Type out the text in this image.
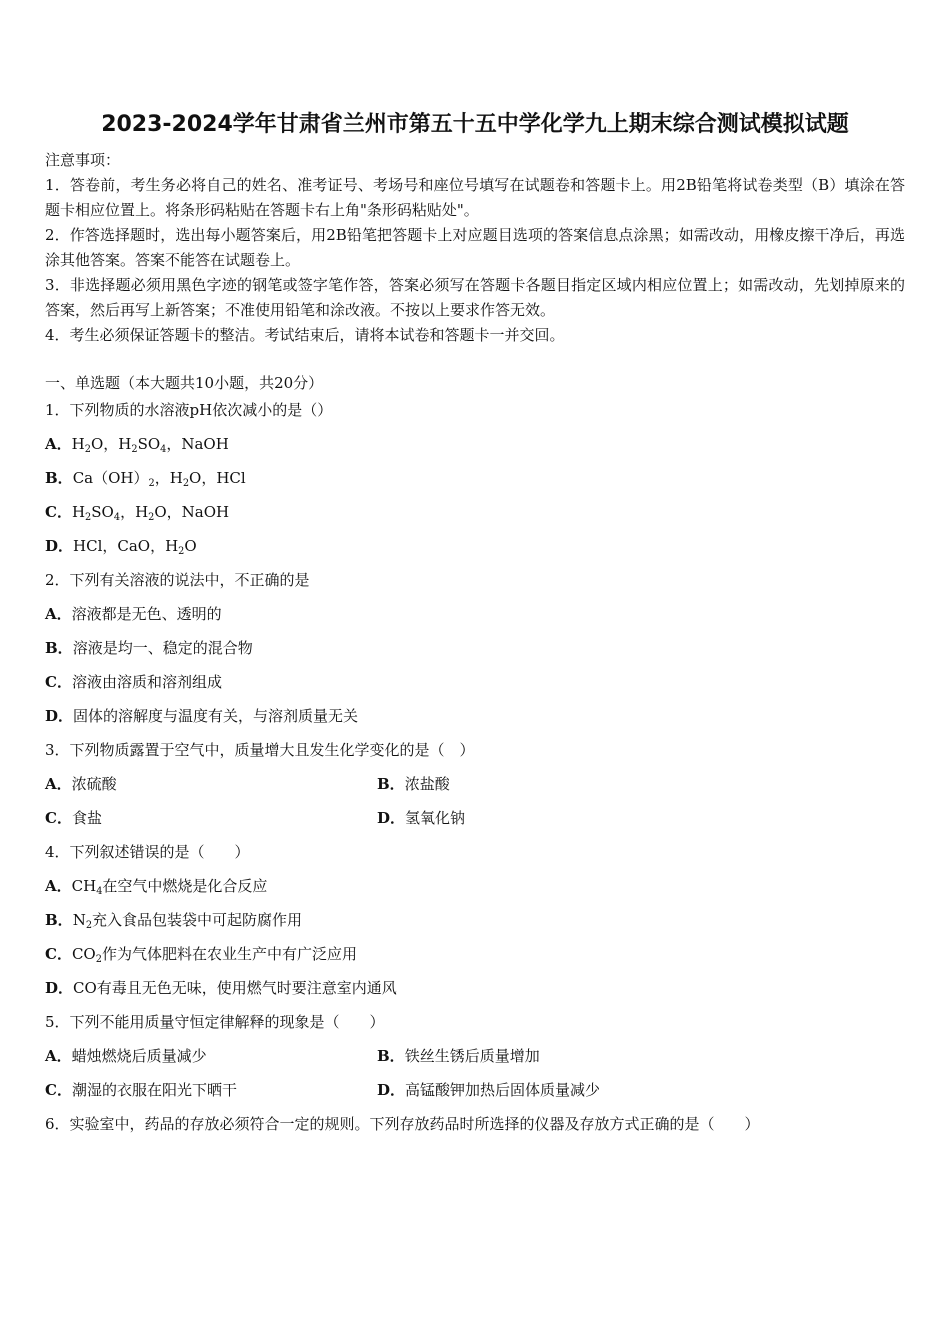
2023-2024学年甘肃省兰州市第五十五中学化学九上期末综合测试模拟试题

注意事项：

1．答卷前，考生务必将自己的姓名、准考证号、考场号和座位号填写在试题卷和答题卡上。用2B铅笔将试卷类型（B）填涂在答题卡相应位置上。将条形码粘贴在答题卡右上角"条形码粘贴处"。

2．作答选择题时，选出每小题答案后，用2B铅笔把答题卡上对应题目选项的答案信息点涂黑；如需改动，用橡皮擦干净后，再选涂其他答案。答案不能答在试题卷上。

3．非选择题必须用黑色字迹的钢笔或签字笔作答，答案必须写在答题卡各题目指定区域内相应位置上；如需改动，先划掉原来的答案，然后再写上新答案；不准使用铅笔和涂改液。不按以上要求作答无效。

4．考生必须保证答题卡的整洁。考试结束后，请将本试卷和答题卡一并交回。

一、单选题（本大题共10小题，共20分）
1．下列物质的水溶液pH依次减小的是（）
A．$H_2O$，$H_2SO_4$，NaOH
B．$Ca(OH)_2$，$H_2O$，HCl
C．$H_2SO_4$，$H_2O$，NaOH
D．HCl，CaO，$H_2O$
2．下列有关溶液的说法中，不正确的是
A．溶液都是无色、透明的
B．溶液是均一、稳定的混合物
C．溶液由溶质和溶剂组成
D．固体的溶解度与温度有关，与溶剂质量无关
3．下列物质露置于空气中，质量增大且发生化学变化的是（　）
A．浓硫酸	B．浓盐酸
C．食盐	D．氢氧化钠
4．下列叙述错误的是（　　）
A．$CH_4$在空气中燃烧是化合反应
B．$N_2$充入食品包装袋中可起防腐作用
C．$CO_2$作为气体肥料在农业生产中有广泛应用
D．CO有毒且无色无味，使用燃气时要注意室内通风
5．下列不能用质量守恒定律解释的现象是（　　）
A．蜡烛燃烧后质量减少	B．铁丝生锈后质量增加
C．潮湿的衣服在阳光下晒干	D．高锰酸钾加热后固体质量减少
6．实验室中，药品的存放必须符合一定的规则。下列存放药品时所选择的仪器及存放方式正确的是（　　）
